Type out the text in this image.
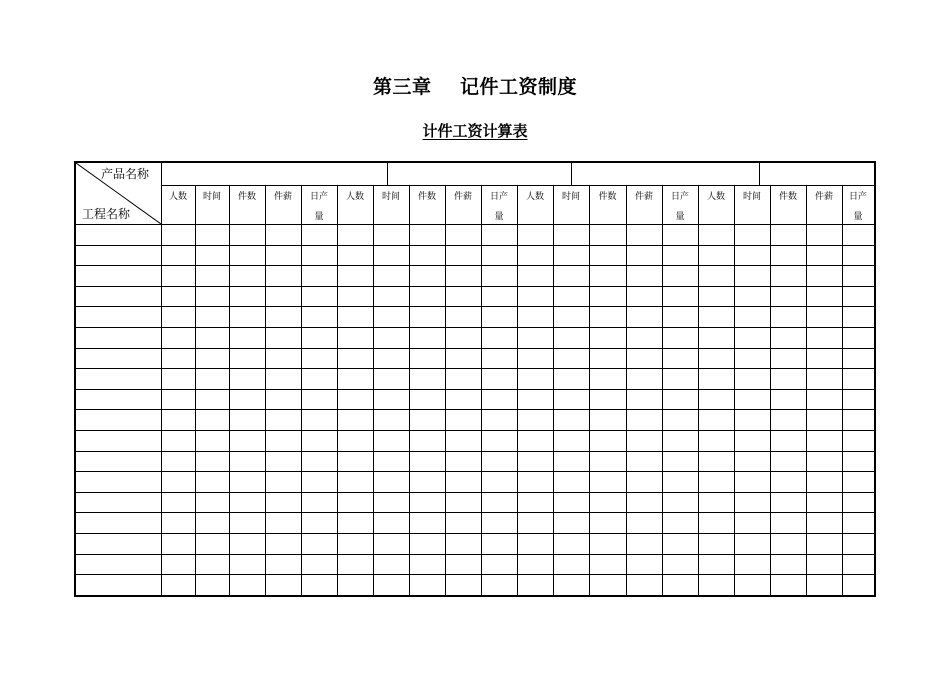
第三章    记件工资制度
计件工资计算表
产品名称
工程名称
人数	时间	件数	件薪	日产
量
人数	时间	件数	件薪	日产
量
人数	时间	件数	件薪	日产
量
人数	时间	件数	件薪	日产
量
